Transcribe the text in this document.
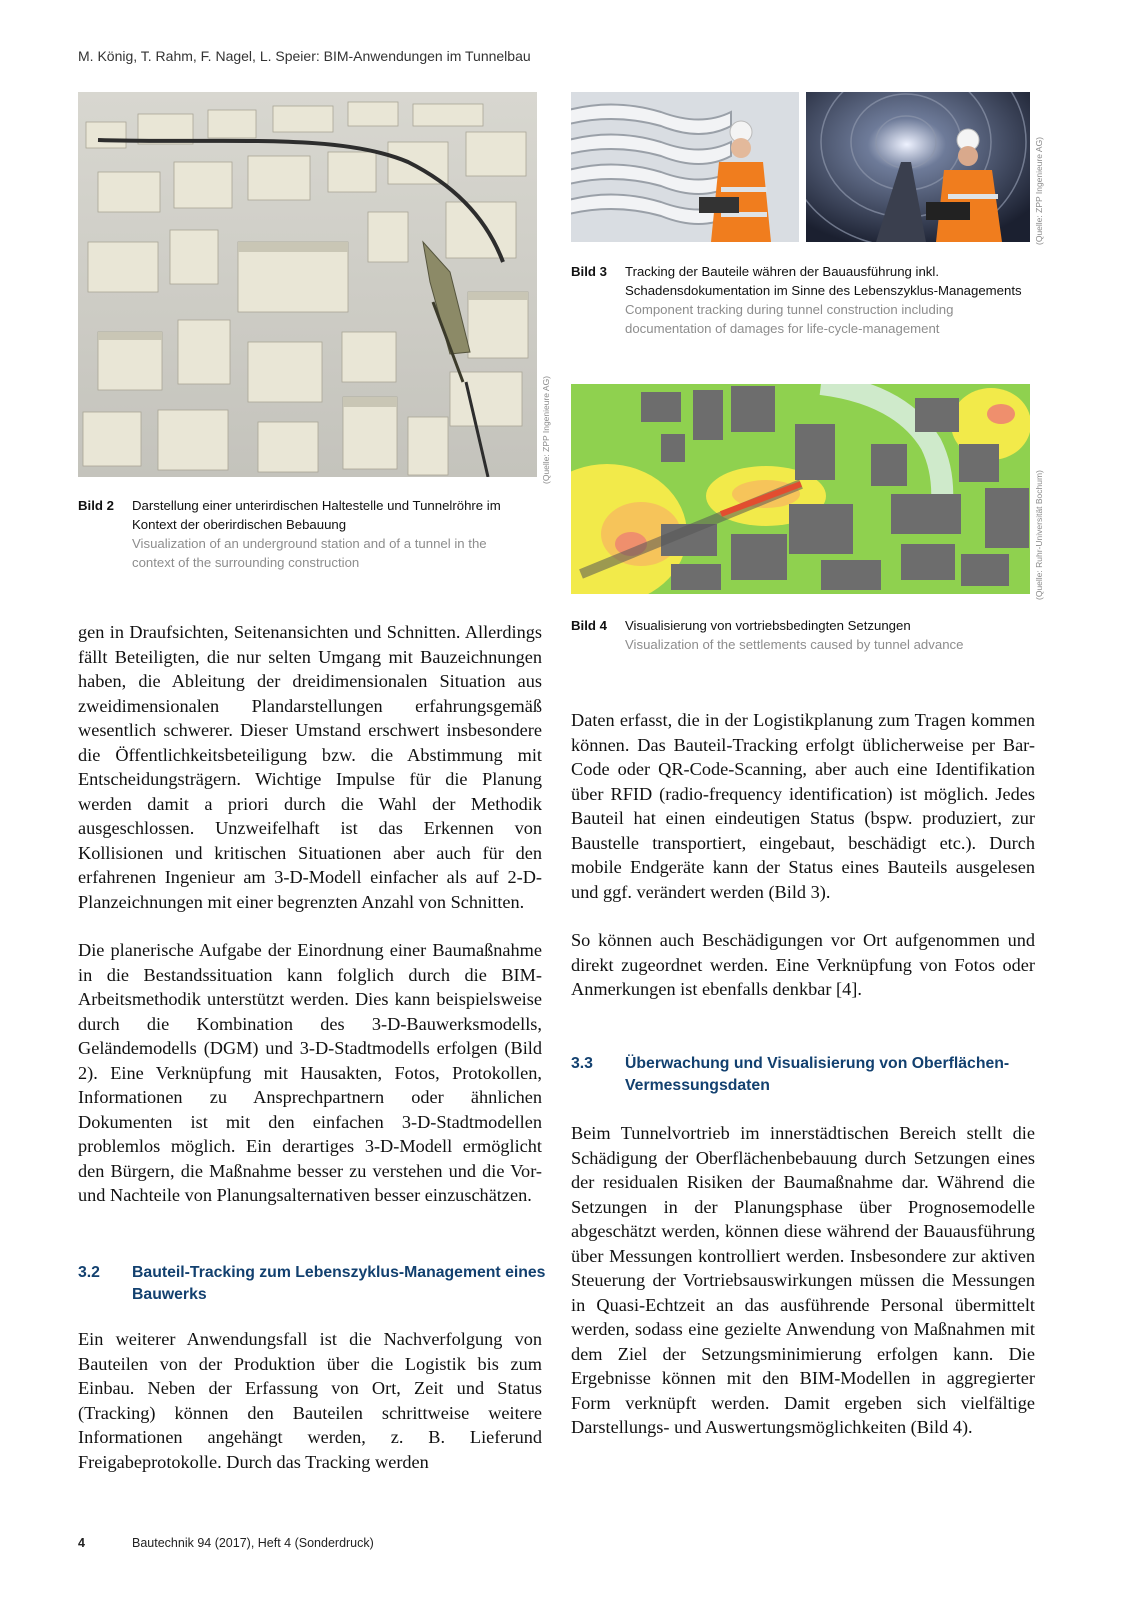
M. König, T. Rahm, F. Nagel, L. Speier: BIM-Anwendungen im Tunnelbau
(Quelle: ZPP Ingenieure AG)
Bild 2 Darstellung einer unterirdischen Haltestelle und Tunnelröhre im Kontext der oberirdischen Bebauung
Visualization of an underground station and of a tunnel in the context of the surrounding construction
(Quelle: ZPP Ingenieure AG)
Bild 3 Tracking der Bauteile währen der Bauausführung inkl. Schadensdokumentation im Sinne des Lebenszyklus-Managements
Component tracking during tunnel construction including documentation of damages for life-cycle-management
(Quelle: Ruhr-Universität Bochum)
Bild 4 Visualisierung von vortriebsbedingten Setzungen
Visualization of the settlements caused by tunnel advance

gen in Draufsichten, Seitenansichten und Schnitten. Allerdings fällt Beteiligten, die nur selten Umgang mit Bauzeichnungen haben, die Ableitung der dreidimensionalen Situation aus zweidimensionalen Plandarstellungen erfahrungsgemäß wesentlich schwerer. Dieser Umstand erschwert insbesondere die Öffentlichkeitsbeteiligung bzw. die Abstimmung mit Entscheidungsträgern. Wichtige Impulse für die Planung werden damit a priori durch die Wahl der Methodik ausgeschlossen. Unzweifelhaft ist das Erkennen von Kollisionen und kritischen Situationen aber auch für den erfahrenen Ingenieur am 3-D-Modell einfacher als auf 2-D-Planzeichnungen mit einer begrenzten Anzahl von Schnitten.

Die planerische Aufgabe der Einordnung einer Baumaßnahme in die Bestandssituation kann folglich durch die BIM-Arbeitsmethodik unterstützt werden. Dies kann beispielsweise durch die Kombination des 3-D-Bauwerksmodells, Geländemodells (DGM) und 3-D-Stadtmodells erfolgen (Bild 2). Eine Verknüpfung mit Hausakten, Fotos, Protokollen, Informationen zu Ansprechpartnern oder ähnlichen Dokumenten ist mit den einfachen 3-D-Stadtmodellen problemlos möglich. Ein derartiges 3-D-Modell ermöglicht den Bürgern, die Maßnahme besser zu verstehen und die Vor- und Nachteile von Planungsalternativen besser einzuschätzen.

3.2 Bauteil-Tracking zum Lebenszyklus-Management eines Bauwerks

Ein weiterer Anwendungsfall ist die Nachverfolgung von Bauteilen von der Produktion über die Logistik bis zum Einbau. Neben der Erfassung von Ort, Zeit und Status (Tracking) können den Bauteilen schrittweise weitere Informationen angehängt werden, z. B. Lieferund Freigabeprotokolle. Durch das Tracking werden

Daten erfasst, die in der Logistikplanung zum Tragen kommen können. Das Bauteil-Tracking erfolgt üblicherweise per Bar-Code oder QR-Code-Scanning, aber auch eine Identifikation über RFID (radio-frequency identification) ist möglich. Jedes Bauteil hat einen eindeutigen Status (bspw. produziert, zur Baustelle transportiert, eingebaut, beschädigt etc.). Durch mobile Endgeräte kann der Status eines Bauteils ausgelesen und ggf. verändert werden (Bild 3).

So können auch Beschädigungen vor Ort aufgenommen und direkt zugeordnet werden. Eine Verknüpfung von Fotos oder Anmerkungen ist ebenfalls denkbar [4].

3.3 Überwachung und Visualisierung von Oberflächen-Vermessungsdaten

Beim Tunnelvortrieb im innerstädtischen Bereich stellt die Schädigung der Oberflächenbebauung durch Setzungen eines der residualen Risiken der Baumaßnahme dar. Während die Setzungen in der Planungsphase über Prognosemodelle abgeschätzt werden, können diese während der Bauausführung über Messungen kontrolliert werden. Insbesondere zur aktiven Steuerung der Vortriebsauswirkungen müssen die Messungen in Quasi-Echtzeit an das ausführende Personal übermittelt werden, sodass eine gezielte Anwendung von Maßnahmen mit dem Ziel der Setzungsminimierung erfolgen kann. Die Ergebnisse können mit den BIM-Modellen in aggregierter Form verknüpft werden. Damit ergeben sich vielfältige Darstellungs- und Auswertungsmöglichkeiten (Bild 4).

4	Bautechnik 94 (2017), Heft 4 (Sonderdruck)
